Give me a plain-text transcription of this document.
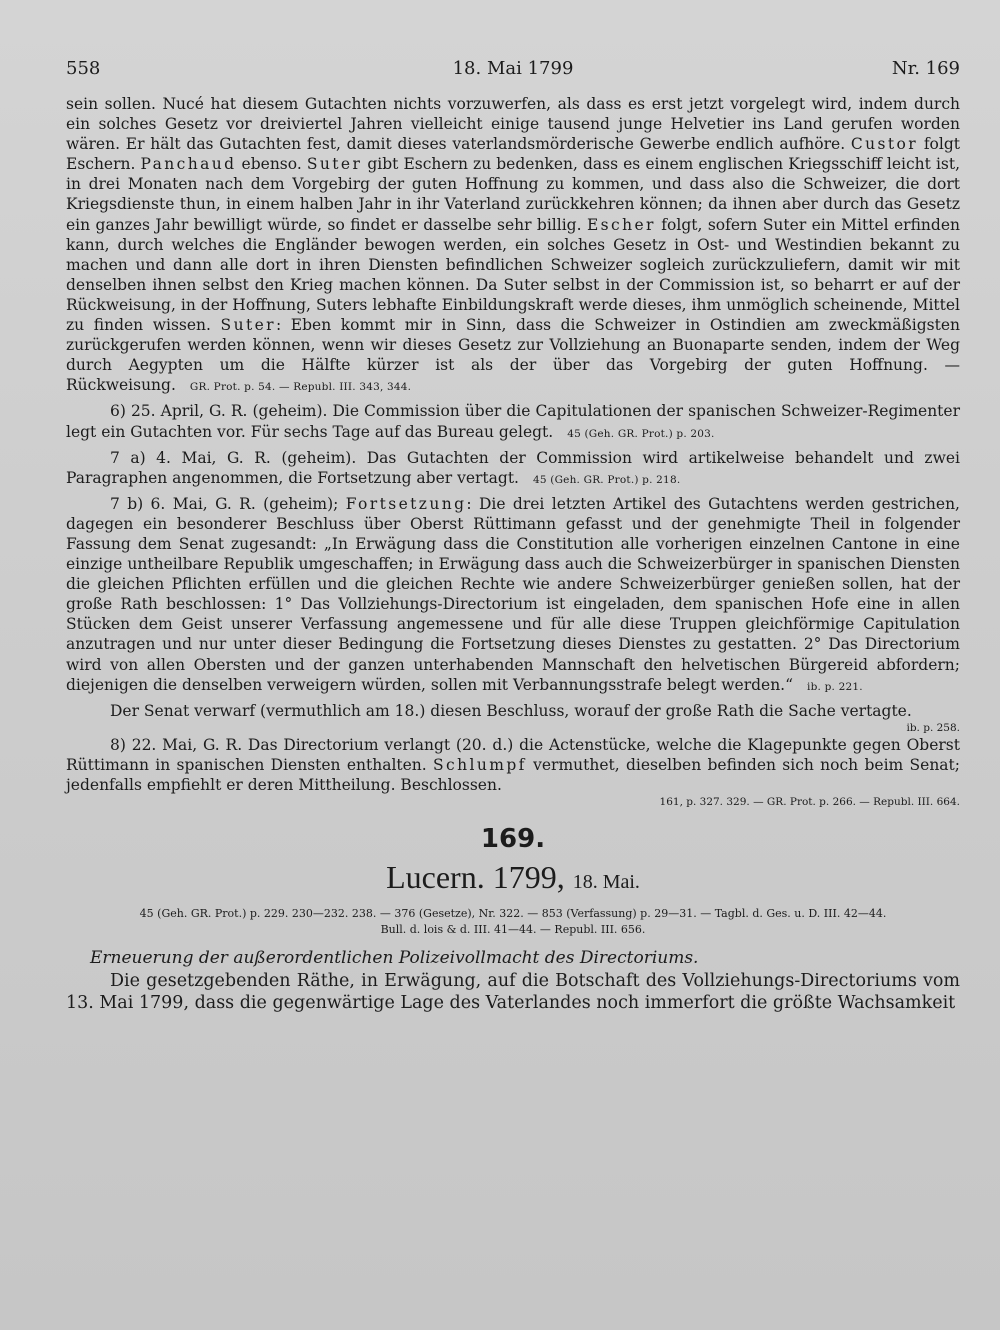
558	18. Mai 1799	Nr. 169

sein sollen. Nucé hat diesem Gutachten nichts vorzuwerfen, als dass es erst jetzt vorgelegt wird, indem durch ein solches Gesetz vor dreiviertel Jahren vielleicht einige tausend junge Helvetier ins Land gerufen worden wären. Er hält das Gutachten fest, damit dieses vaterlandsmörderische Gewerbe endlich aufhöre. Custor folgt Eschern. Panchaud ebenso. Suter gibt Eschern zu bedenken, dass es einem englischen Kriegsschiff leicht ist, in drei Monaten nach dem Vorgebirg der guten Hoffnung zu kommen, und dass also die Schweizer, die dort Kriegsdienste thun, in einem halben Jahr in ihr Vaterland zurückkehren können; da ihnen aber durch das Gesetz ein ganzes Jahr bewilligt würde, so findet er dasselbe sehr billig. Escher folgt, sofern Suter ein Mittel erfinden kann, durch welches die Engländer bewogen werden, ein solches Gesetz in Ost- und Westindien bekannt zu machen und dann alle dort in ihren Diensten befindlichen Schweizer sogleich zurückzuliefern, damit wir mit denselben ihnen selbst den Krieg machen können. Da Suter selbst in der Commission ist, so beharrt er auf der Rückweisung, in der Hoffnung, Suters lebhafte Einbildungskraft werde dieses, ihm unmöglich scheinende, Mittel zu finden wissen. Suter: Eben kommt mir in Sinn, dass die Schweizer in Ostindien am zweckmäßigsten zurückgerufen werden können, wenn wir dieses Gesetz zur Vollziehung an Buonaparte senden, indem der Weg durch Aegypten um die Hälfte kürzer ist als der über das Vorgebirg der guten Hoffnung. — Rückweisung. GR. Prot. p. 54. — Republ. III. 343, 344.

6) 25. April, G. R. (geheim). Die Commission über die Capitulationen der spanischen Schweizer-Regimenter legt ein Gutachten vor. Für sechs Tage auf das Bureau gelegt. 45 (Geh. GR. Prot.) p. 203.

7 a) 4. Mai, G. R. (geheim). Das Gutachten der Commission wird artikelweise behandelt und zwei Paragraphen angenommen, die Fortsetzung aber vertagt. 45 (Geh. GR. Prot.) p. 218.

7 b) 6. Mai, G. R. (geheim); Fortsetzung: Die drei letzten Artikel des Gutachtens werden gestrichen, dagegen ein besonderer Beschluss über Oberst Rüttimann gefasst und der genehmigte Theil in folgender Fassung dem Senat zugesandt: „In Erwägung dass die Constitution alle vorherigen einzelnen Cantone in eine einzige untheilbare Republik umgeschaffen; in Erwägung dass auch die Schweizerbürger in spanischen Diensten die gleichen Pflichten erfüllen und die gleichen Rechte wie andere Schweizerbürger genießen sollen, hat der große Rath beschlossen: 1° Das Vollziehungs-Directorium ist eingeladen, dem spanischen Hofe eine in allen Stücken dem Geist unserer Verfassung angemessene und für alle diese Truppen gleichförmige Capitulation anzutragen und nur unter dieser Bedingung die Fortsetzung dieses Dienstes zu gestatten. 2° Das Directorium wird von allen Obersten und der ganzen unterhabenden Mannschaft den helvetischen Bürgereid abfordern; diejenigen die denselben verweigern würden, sollen mit Verbannungsstrafe belegt werden.“ ib. p. 221.

Der Senat verwarf (vermuthlich am 18.) diesen Beschluss, worauf der große Rath die Sache vertagte.
ib. p. 258.

8) 22. Mai, G. R. Das Directorium verlangt (20. d.) die Actenstücke, welche die Klagepunkte gegen Oberst Rüttimann in spanischen Diensten enthalten. Schlumpf vermuthet, dieselben befinden sich noch beim Senat; jedenfalls empfiehlt er deren Mittheilung. Beschlossen.
161, p. 327. 329. — GR. Prot. p. 266. — Republ. III. 664.

169.
Lucern. 1799, 18. Mai.
45 (Geh. GR. Prot.) p. 229. 230—232. 238. — 376 (Gesetze), Nr. 322. — 853 (Verfassung) p. 29—31. — Tagbl. d. Ges. u. D. III. 42—44.
Bull. d. lois & d. III. 41—44. — Republ. III. 656.
Erneuerung der außerordentlichen Polizeivollmacht des Directoriums.

Die gesetzgebenden Räthe, in Erwägung, auf die Botschaft des Vollziehungs-Directoriums vom 13. Mai 1799, dass die gegenwärtige Lage des Vaterlandes noch immerfort die größte Wachsamkeit
